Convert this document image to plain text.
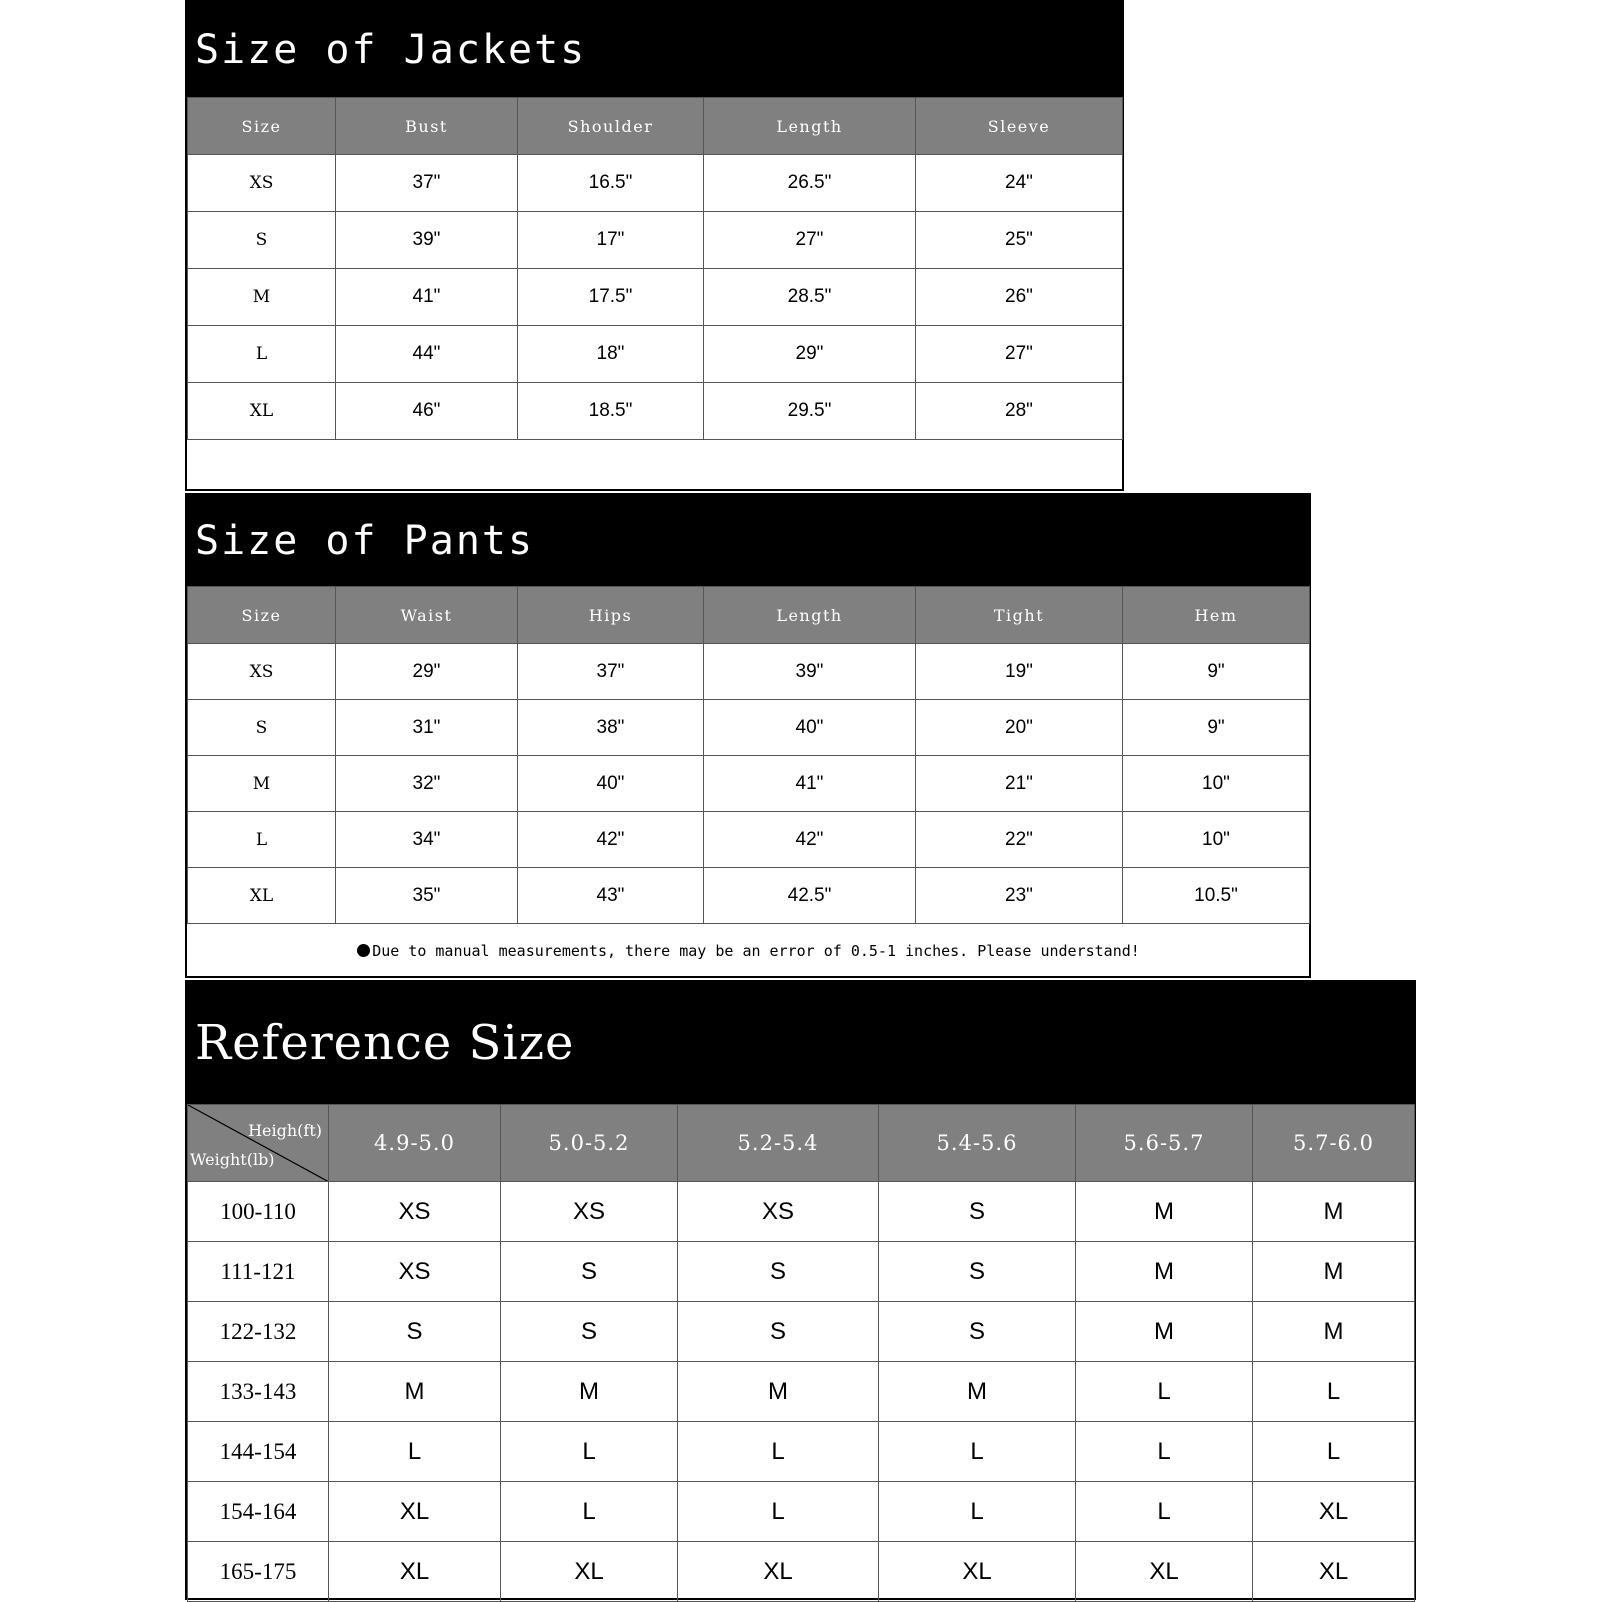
Size of Jackets
Size	Bust	Shoulder	Length	Sleeve
XS	37"	16.5"	26.5"	24"
S	39"	17"	27"	25"
M	41"	17.5"	28.5"	26"
L	44"	18"	29"	27"
XL	46"	18.5"	29.5"	28"

Size of Pants
Size	Waist	Hips	Length	Tight	Hem
XS	29"	37"	39"	19"	9"
S	31"	38"	40"	20"	9"
M	32"	40"	41"	21"	10"
L	34"	42"	42"	22"	10"
XL	35"	43"	42.5"	23"	10.5"
Due to manual measurements, there may be an error of 0.5-1 inches. Please understand!					
Reference Size
Heigh(ft)
Weight(lb)	4.9-5.0	5.0-5.2	5.2-5.4	5.4-5.6	5.6-5.7	5.7-6.0
100-110	XS	XS	XS	S	M	M
111-121	XS	S	S	S	M	M
122-132	S	S	S	S	M	M
133-143	M	M	M	M	L	L
144-154	L	L	L	L	L	L
154-164	XL	L	L	L	L	XL
165-175	XL	XL	XL	XL	XL	XL
